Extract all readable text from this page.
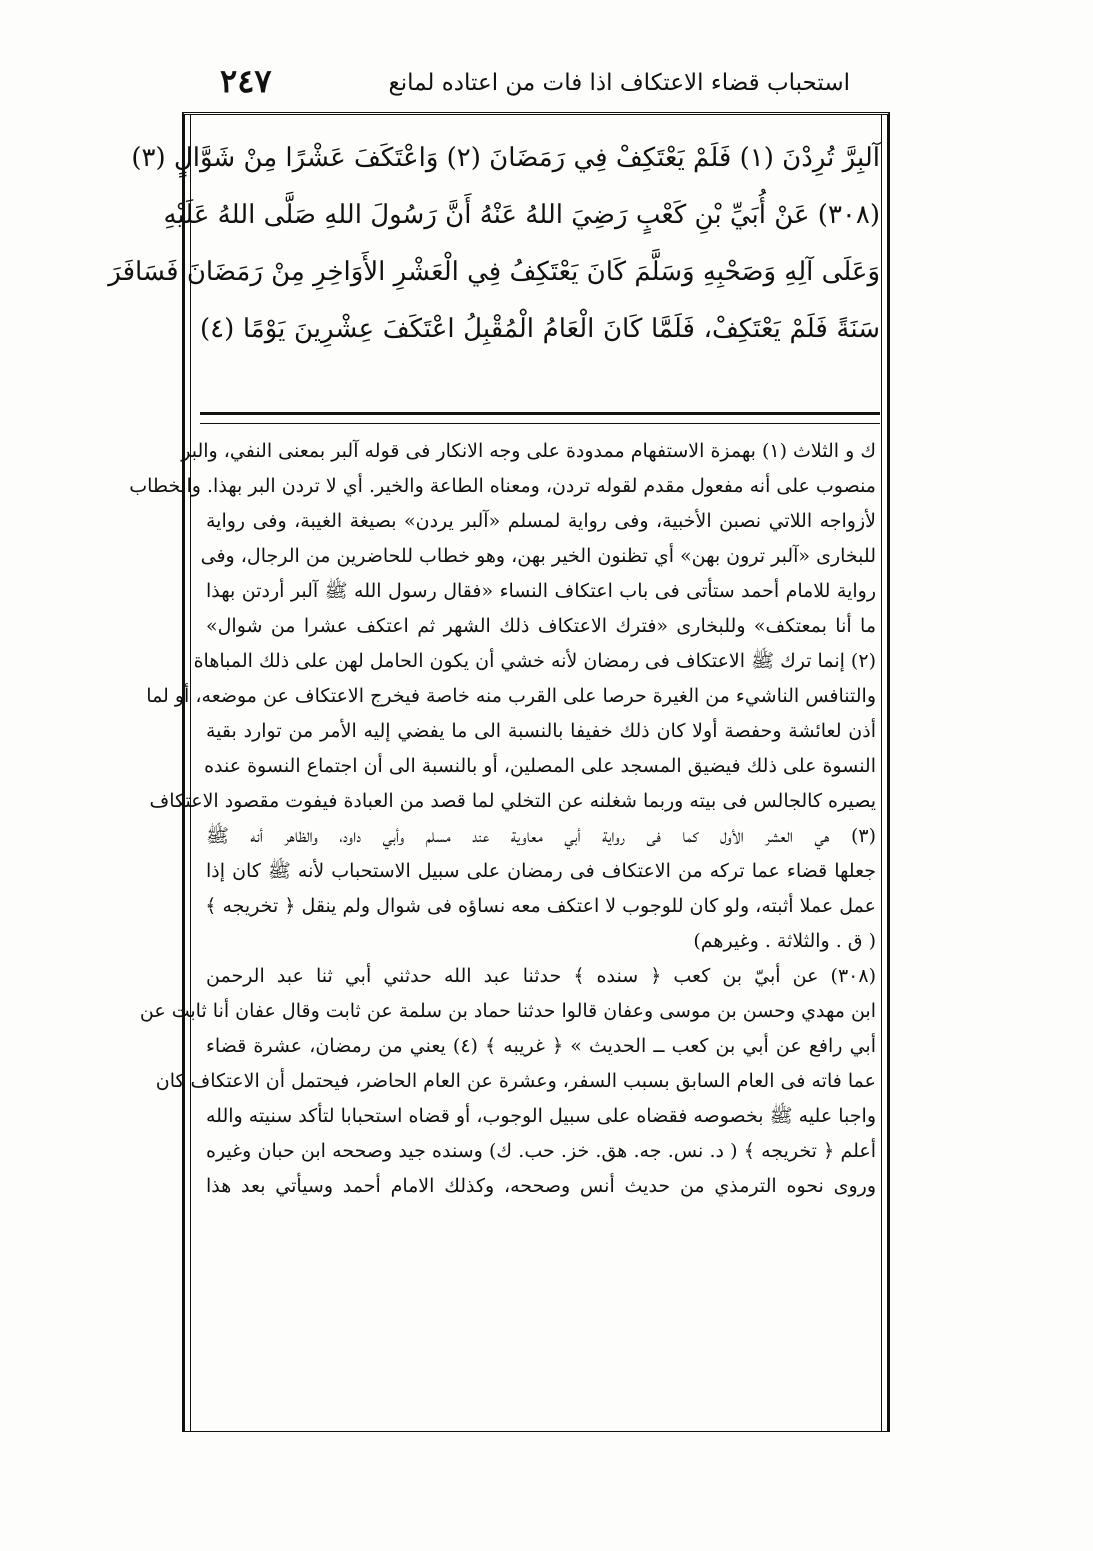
استحباب قضاء الاعتكاف اذا فات من اعتاده لمانع
٢٤٧
آلبِرَّ تُرِدْنَ (١) فَلَمْ يَعْتَكِفْ فِي رَمَضَانَ (٢) وَاعْتَكَفَ عَشْرًا مِنْ شَوَّالٍ (٣)
(٣٠٨) عَنْ أُبَيِّ بْنِ كَعْبٍ رَضِيَ اللهُ عَنْهُ أَنَّ رَسُولَ اللهِ صَلَّى اللهُ عَلَيْهِ
وَعَلَى آلِهِ وَصَحْبِهِ وَسَلَّمَ كَانَ يَعْتَكِفُ فِي الْعَشْرِ الأَوَاخِرِ مِنْ رَمَضَانَ فَسَافَرَ
سَنَةً فَلَمْ يَعْتَكِفْ، فَلَمَّا كَانَ الْعَامُ الْمُقْبِلُ اعْتَكَفَ عِشْرِينَ يَوْمًا (٤)
ك و الثلاث (١) بهمزة الاستفهام ممدودة على وجه الانكار فى قوله آلبر بمعنى النفي، والبر
منصوب على أنه مفعول مقدم لقوله تردن، ومعناه الطاعة والخير. أي لا تردن البر بهذا. والخطاب
لأزواجه اللاتي نصبن الأخبية، وفى رواية لمسلم «آلبر يردن» بصيغة الغيبة، وفى رواية
للبخارى «آلبر ترون بهن» أي تظنون الخير بهن، وهو خطاب للحاضرين من الرجال، وفى
رواية للامام أحمد ستأتى فى باب اعتكاف النساء «فقال رسول الله ﷺ آلبر أردتن بهذا
ما أنا بمعتكف» وللبخارى «فترك الاعتكاف ذلك الشهر ثم اعتكف عشرا من شوال»
(٢) إنما ترك ﷺ الاعتكاف فى رمضان لأنه خشي أن يكون الحامل لهن على ذلك المباهاة
والتنافس الناشيء من الغيرة حرصا على القرب منه خاصة فيخرج الاعتكاف عن موضعه، أو لما
أذن لعائشة وحفصة أولا كان ذلك خفيفا بالنسبة الى ما يفضي إليه الأمر من توارد بقية
النسوة على ذلك فيضيق المسجد على المصلين، أو بالنسبة الى أن اجتماع النسوة عنده
يصيره كالجالس فى بيته وربما شغلنه عن التخلي لما قصد من العبادة فيفوت مقصود الاعتكاف
(٣) هي العشر الأول كما فى رواية أبي معاوية عند مسلم وأبي داود، والظاهر أنه ﷺ
جعلها قضاء عما تركه من الاعتكاف فى رمضان على سبيل الاستحباب لأنه ﷺ كان إذا
عمل عملا أثبته، ولو كان للوجوب لا اعتكف معه نساؤه فى شوال ولم ينقل ﴿ تخريجه ﴾
( ق . والثلاثة . وغيرهم)
(٣٠٨) عن أبيّ بن كعب ﴿ سنده ﴾ حدثنا عبد الله حدثني أبي ثنا عبد الرحمن
ابن مهدي وحسن بن موسى وعفان قالوا حدثنا حماد بن سلمة عن ثابت وقال عفان أنا ثابت عن
أبي رافع عن أبي بن كعب ــ الحديث » ﴿ غريبه ﴾ (٤) يعني من رمضان، عشرة قضاء
عما فاته فى العام السابق بسبب السفر، وعشرة عن العام الحاضر، فيحتمل أن الاعتكاف كان
واجبا عليه ﷺ بخصوصه فقضاه على سبيل الوجوب، أو قضاه استحبابا لتأكد سنيته والله
أعلم ﴿ تخريجه ﴾ ( د. نس. جه. هق. خز. حب. ك) وسنده جيد وصححه ابن حبان وغيره
وروى نحوه الترمذي من حديث أنس وصححه، وكذلك الامام أحمد وسيأتي بعد هذا
